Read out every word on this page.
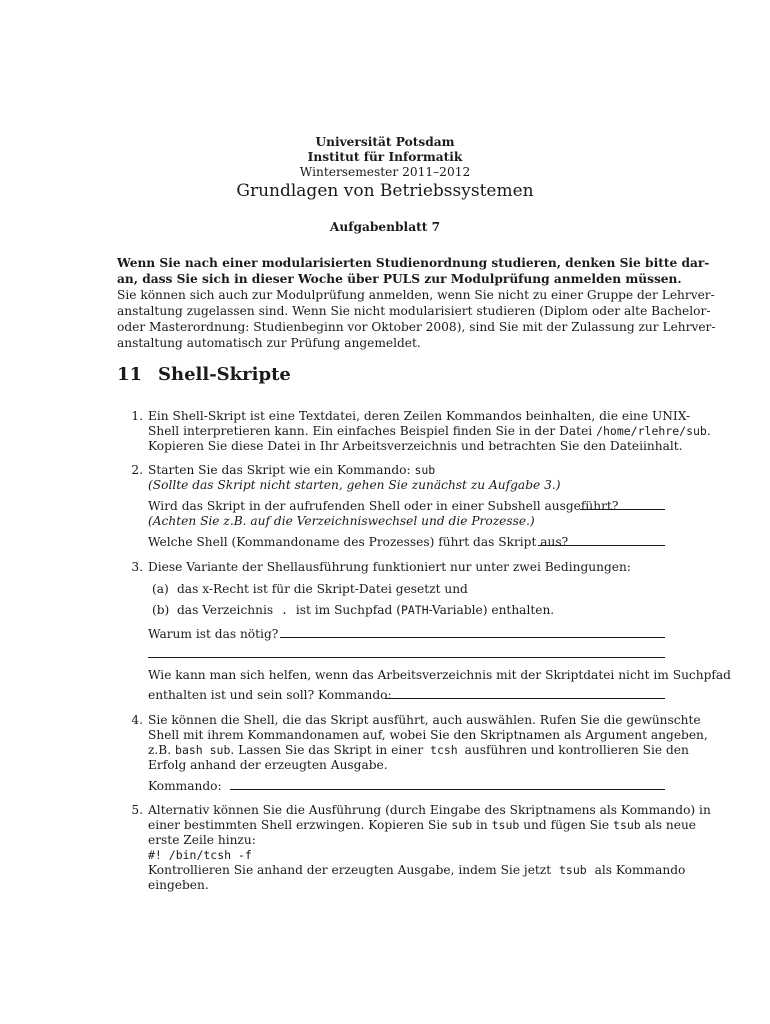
Universität Potsdam
Institut für Informatik
Wintersemester 2011–2012
Grundlagen von Betriebssystemen
Aufgabenblatt 7
Wenn Sie nach einer modularisierten Studienordnung studieren, denken Sie bitte dar-
an, dass Sie sich in dieser Woche über PULS zur Modulprüfung anmelden müssen.
Sie können sich auch zur Modulprüfung anmelden, wenn Sie nicht zu einer Gruppe der Lehrver-
anstaltung zugelassen sind. Wenn Sie nicht modularisiert studieren (Diplom oder alte Bachelor-
oder Masterordnung: Studienbeginn vor Oktober 2008), sind Sie mit der Zulassung zur Lehrver-
anstaltung automatisch zur Prüfung angemeldet.
11 Shell-Skripte
1. Ein Shell-Skript ist eine Textdatei, deren Zeilen Kommandos beinhalten, die eine UNIX-
Shell interpretieren kann. Ein einfaches Beispiel finden Sie in der Datei /home/rlehre/sub.
Kopieren Sie diese Datei in Ihr Arbeitsverzeichnis und betrachten Sie den Dateiinhalt.
2. Starten Sie das Skript wie ein Kommando: sub
(Sollte das Skript nicht starten, gehen Sie zunächst zu Aufgabe 3.)
Wird das Skript in der aufrufenden Shell oder in einer Subshell ausgeführt?
(Achten Sie z.B. auf die Verzeichniswechsel und die Prozesse.)
Welche Shell (Kommandoname des Prozesses) führt das Skript aus?
3. Diese Variante der Shellausführung funktioniert nur unter zwei Bedingungen:
(a) das x-Recht ist für die Skript-Datei gesetzt und
(b) das Verzeichnis . ist im Suchpfad (PATH-Variable) enthalten.
Warum ist das nötig?
Wie kann man sich helfen, wenn das Arbeitsverzeichnis mit der Skriptdatei nicht im Suchpfad
enthalten ist und sein soll? Kommando:
4. Sie können die Shell, die das Skript ausführt, auch auswählen. Rufen Sie die gewünschte
Shell mit ihrem Kommandonamen auf, wobei Sie den Skriptnamen als Argument angeben,
z.B. bash sub. Lassen Sie das Skript in einer tcsh ausführen und kontrollieren Sie den
Erfolg anhand der erzeugten Ausgabe.
Kommando:
5. Alternativ können Sie die Ausführung (durch Eingabe des Skriptnamens als Kommando) in
einer bestimmten Shell erzwingen. Kopieren Sie sub in tsub und fügen Sie tsub als neue
erste Zeile hinzu:
#! /bin/tcsh -f
Kontrollieren Sie anhand der erzeugten Ausgabe, indem Sie jetzt tsub als Kommando
eingeben.
